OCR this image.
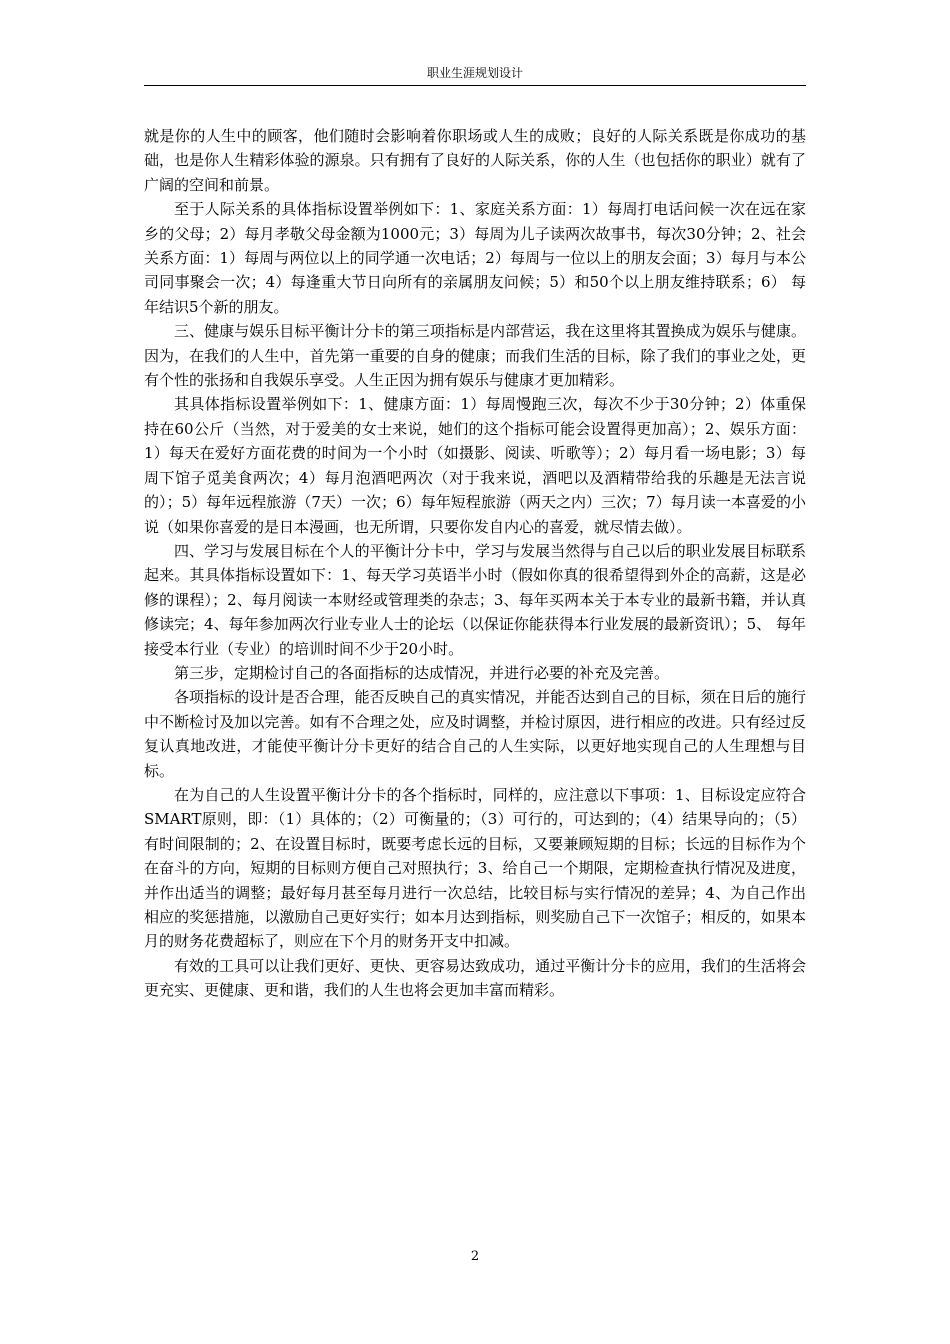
职业生涯规划设计

就是你的人生中的顾客，他们随时会影响着你职场或人生的成败；良好的人际关系既是你成功的基础，也是你人生精彩体验的源泉。只有拥有了良好的人际关系，你的人生（也包括你的职业）就有了广阔的空间和前景。

至于人际关系的具体指标设置举例如下：1、家庭关系方面：1）每周打电话问候一次在远在家乡的父母；2）每月孝敬父母金额为1000元；3）每周为儿子读两次故事书，每次30分钟；2、社会关系方面：1）每周与两位以上的同学通一次电话；2）每周与一位以上的朋友会面；3）每月与本公司同事聚会一次；4）每逢重大节日向所有的亲属朋友问候；5）和50个以上朋友维持联系；6） 每年结识5个新的朋友。

三、健康与娱乐目标平衡计分卡的第三项指标是内部营运，我在这里将其置换成为娱乐与健康。因为，在我们的人生中，首先第一重要的自身的健康；而我们生活的目标，除了我们的事业之处，更有个性的张扬和自我娱乐享受。人生正因为拥有娱乐与健康才更加精彩。

其具体指标设置举例如下：1、健康方面：1）每周慢跑三次，每次不少于30分钟；2）体重保持在60公斤（当然，对于爱美的女士来说，她们的这个指标可能会设置得更加高）；2、娱乐方面：1）每天在爱好方面花费的时间为一个小时（如摄影、阅读、听歌等）；2）每月看一场电影；3）每周下馆子觅美食两次；4）每月泡酒吧两次（对于我来说，酒吧以及酒精带给我的乐趣是无法言说的）；5）每年远程旅游（7天）一次；6）每年短程旅游（两天之内）三次；7）每月读一本喜爱的小说（如果你喜爱的是日本漫画，也无所谓，只要你发自内心的喜爱，就尽情去做）。

四、学习与发展目标在个人的平衡计分卡中，学习与发展当然得与自己以后的职业发展目标联系起来。其具体指标设置如下：1、每天学习英语半小时（假如你真的很希望得到外企的高薪，这是必修的课程）；2、每月阅读一本财经或管理类的杂志；3、每年买两本关于本专业的最新书籍，并认真修读完；4、每年参加两次行业专业人士的论坛（以保证你能获得本行业发展的最新资讯）；5、 每年接受本行业（专业）的培训时间不少于20小时。

第三步，定期检讨自己的各面指标的达成情况，并进行必要的补充及完善。

各项指标的设计是否合理，能否反映自己的真实情况，并能否达到自己的目标，须在日后的施行中不断检讨及加以完善。如有不合理之处，应及时调整，并检讨原因，进行相应的改进。只有经过反复认真地改进，才能使平衡计分卡更好的结合自己的人生实际，以更好地实现自己的人生理想与目标。

在为自己的人生设置平衡计分卡的各个指标时，同样的，应注意以下事项：1、目标设定应符合SMART原则，即：（1）具体的；（2）可衡量的；（3）可行的，可达到的；（4）结果导向的；（5）有时间限制的；2、在设置目标时，既要考虑长远的目标，又要兼顾短期的目标；长远的目标作为个在奋斗的方向，短期的目标则方便自己对照执行；3、给自己一个期限，定期检查执行情况及进度，并作出适当的调整；最好每月甚至每月进行一次总结，比较目标与实行情况的差异；4、为自己作出相应的奖惩措施，以激励自己更好实行；如本月达到指标，则奖励自己下一次馆子；相反的，如果本月的财务花费超标了，则应在下个月的财务开支中扣减。

有效的工具可以让我们更好、更快、更容易达致成功，通过平衡计分卡的应用，我们的生活将会更充实、更健康、更和谐，我们的人生也将会更加丰富而精彩。

2
